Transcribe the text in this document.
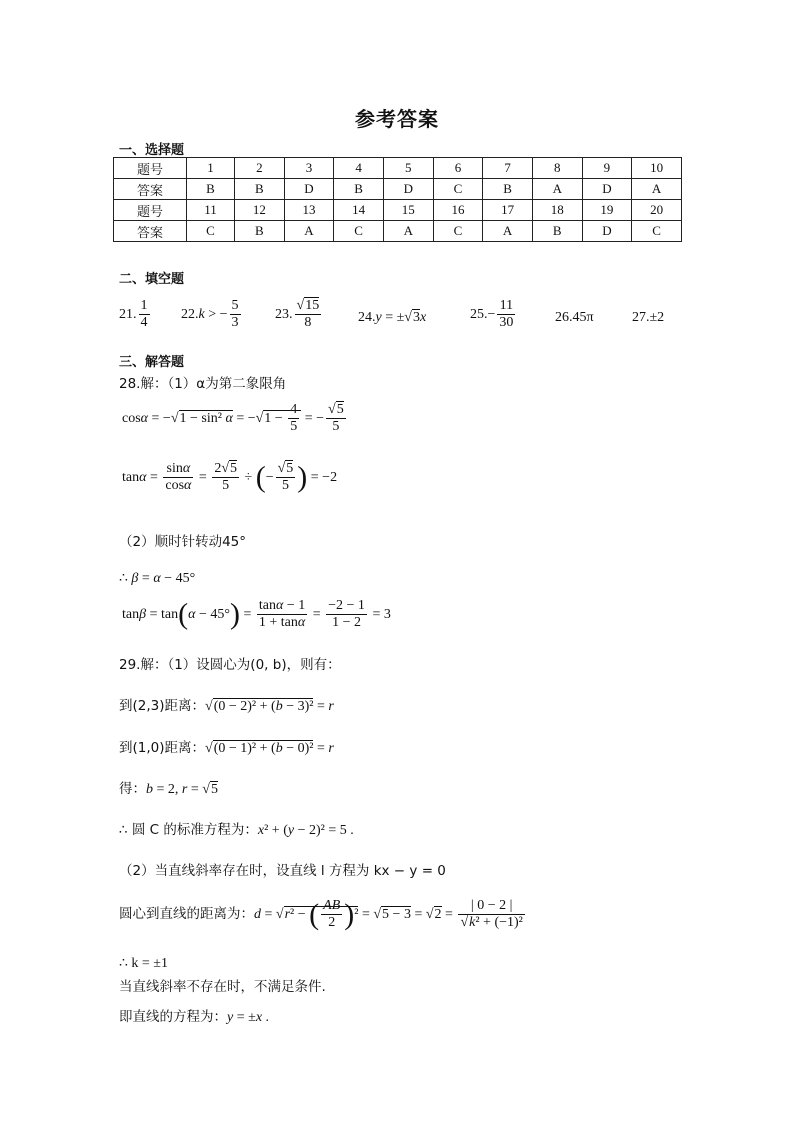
参考答案
一、选择题
题号	1	2	3	4	5	6	7	8	9	10
答案	B	B	D	B	D	C	B	A	D	A
题号	11	12	13	14	15	16	17	18	19	20
答案	C	B	A	C	A	C	A	B	D	C
二、填空题
21. $\frac{1}{4} 22.k$ > − $\frac{5}{3} 23$. $\frac{√15}{8}$	24.y = ±√3x	$25.- \frac{11}{30}$	26.45π	27.±2
三、解答题
28.解：（1）α为第二象限角
cosα = −√1 − sin² $\alpha = -√1 - \frac{4}{5}$ = − $\frac{√5}{5}$
$\tan\alpha = \frac{\sin\alpha}{\cos\alpha} = \frac{2√5}{5}$ ÷ (− $\frac{√5}{5}$ ) = −2
（2）顺时针转动45°
∴ β = α − 45°
$\tan\beta = \tan(\alpha - 45^\circ) = \frac{\tan\alpha - 1}{1 + \tan\alpha} = \frac{-2 - 1}{1 - 2} = 3$
29.解：（1）设圆心为(0, b)，则有：
到(2,3)距离：√(0 − 2)² + (b − 3)² = r
到(1,0)距离：√(0 − 1)² + (b − 0)² = r
得：b = 2, r = √5
∴ 圆 C 的标准方程为：x² + (y − 2)² = 5 .
（2）当直线斜率存在时，设直线 l 方程为 kx − y = 0
圆心到直线的距离为：d = √r² − ( $\frac{AB}{2} )^2 = √5 - 3 = √2 = \frac{| 0 - 2 |}{\text{√k² + (−1)²}}$
∴ k = ±1
当直线斜率不存在时，不满足条件.
即直线的方程为：y = ±x .
